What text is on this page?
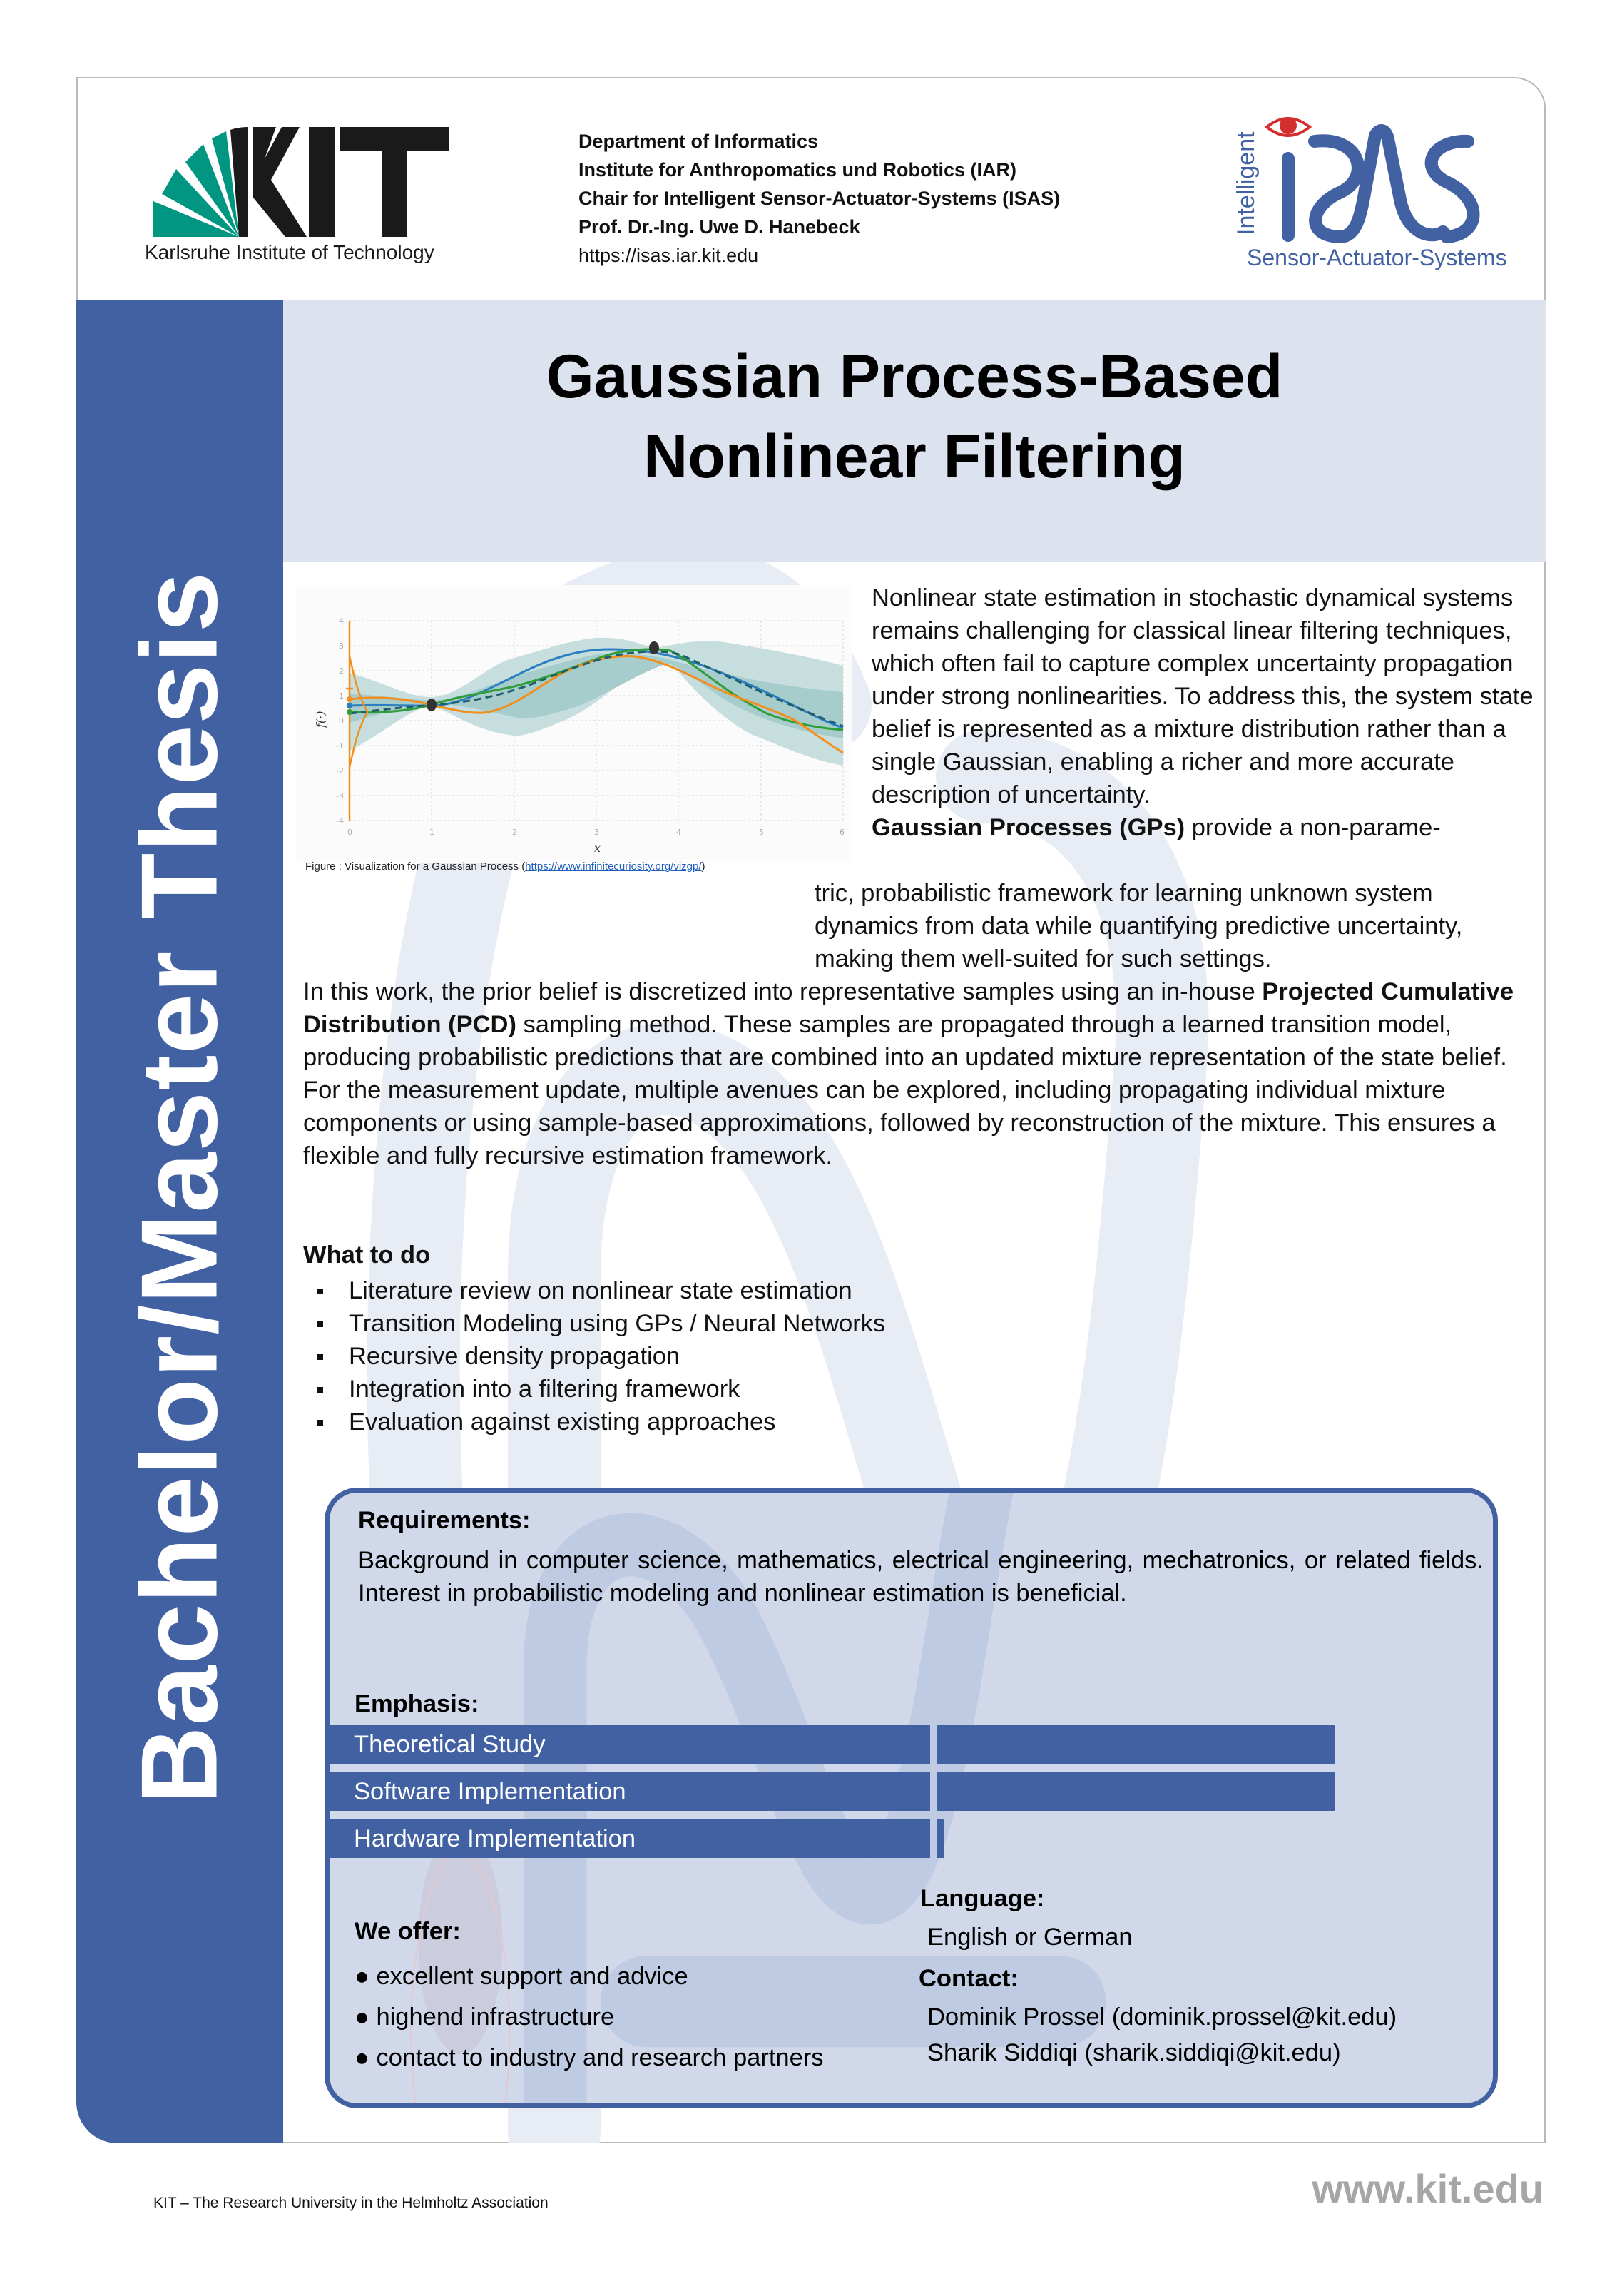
Karlsruhe Institute of Technology
Department of Informatics
Institute for Anthropomatics und Robotics (IAR)
Chair for Intelligent Sensor-Actuator-Systems (ISAS)
Prof. Dr.-Ing. Uwe D. Hanebeck
https://isas.iar.kit.edu
Intelligent
Sensor-Actuator-Systems
Bachelor/Master Thesis
Gaussian Process-Based
Nonlinear Filtering
4
3
2
1
0
-1
-2
-3
-4
0	1	2	3	4	5	6
x
f(·)
Figure : Visualization for a Gaussian Process (https://www.infinitecuriosity.org/vizgp/)
Nonlinear state estimation in stochastic dynamical systems remains challenging for classical linear filtering techniques, which often fail to capture complex uncertainty propagation under strong nonlinearities. To address this, the system state belief is represented as a mixture distribution rather than a single Gaussian, enabling a richer and more accurate description of uncertainty.
Gaussian Processes (GPs) provide a non-parame-
tric, probabilistic framework for learning unknown system dynamics from data while quantifying predictive uncertainty, making them well-suited for such settings.
In this work, the prior belief is discretized into representative samples using an in-house Projected Cumulative Distribution (PCD) sampling method. These samples are propagated through a learned transition model, producing probabilistic predictions that are combined into an updated mixture representation of the state belief.
For the measurement update, multiple avenues can be explored, including propagating individual mixture components or using sample-based approximations, followed by reconstruction of the mixture. This ensures a flexible and fully recursive estimation framework.
What to do
Literature review on nonlinear state estimation
Transition Modeling using GPs / Neural Networks
Recursive density propagation
Integration into a filtering framework
Evaluation against existing approaches
Requirements:
Background in computer science, mathematics, electrical engineering, mechatronics, or related fields. Interest in probabilistic modeling and nonlinear estimation is beneficial.
Emphasis:
Theoretical Study
Software Implementation
Hardware Implementation
We offer:
● excellent support and advice
● highend infrastructure
● contact to industry and research partners
Language:
English or German
Contact:
Dominik Prossel (dominik.prossel@kit.edu)
Sharik Siddiqi (sharik.siddiqi@kit.edu)
KIT – The Research University in the Helmholtz Association	www.kit.edu
